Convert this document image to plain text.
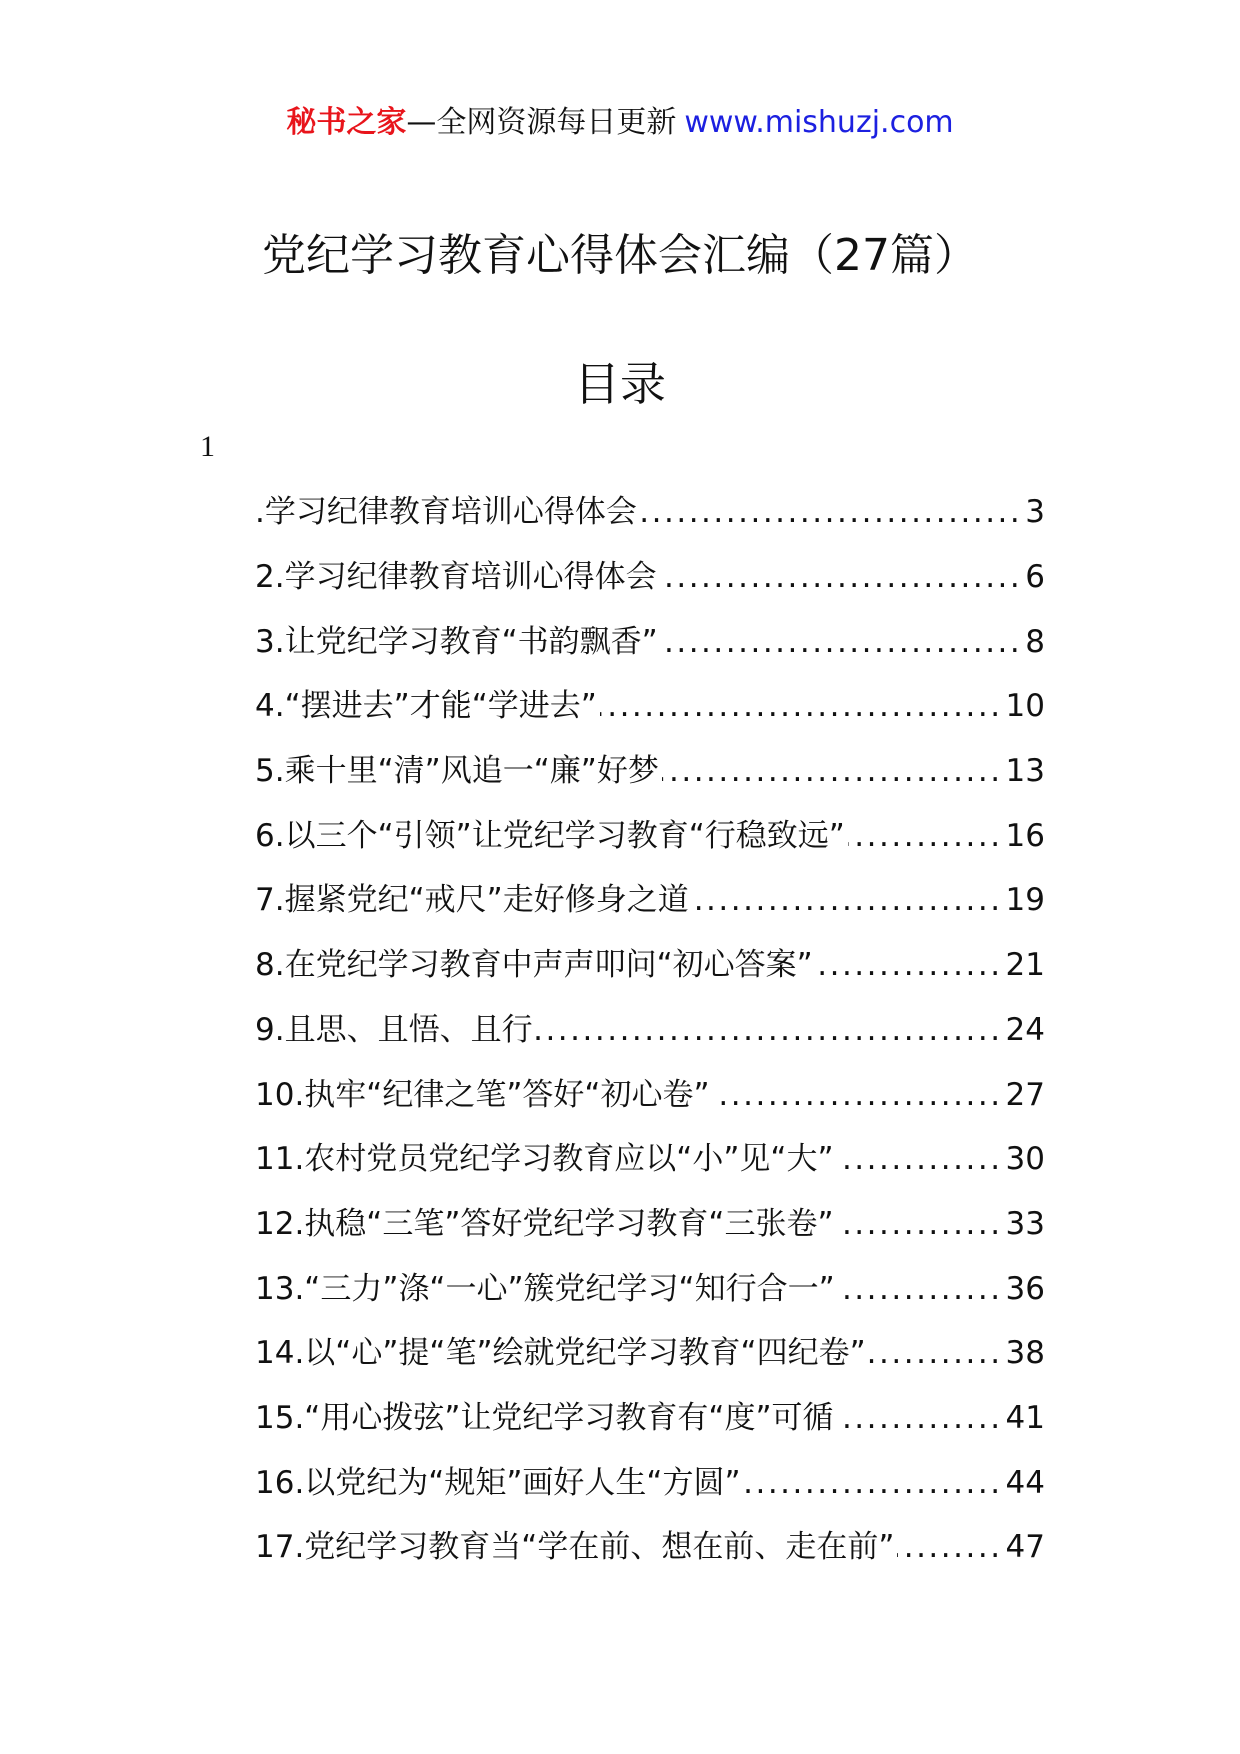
秘书之家—全网资源每日更新 www.mishuzj.com
党纪学习教育心得体会汇编（27篇）
目录
1
.学习纪律教育培训心得体会 .....	3
2.学习纪律教育培训心得体会 .....	6
3.让党纪学习教育“书韵飘香” .....	8
4.“摆进去”才能“学进去” .....	10
5.乘十里“清”风追一“廉”好梦 .....	13
6.以三个“引领”让党纪学习教育“行稳致远” .....	16
7.握紧党纪“戒尺”走好修身之道 .....	19
8.在党纪学习教育中声声叩问“初心答案” .....	21
9.且思、且悟、且行 .....	24
10.执牢“纪律之笔”答好“初心卷” .....	27
11.农村党员党纪学习教育应以“小”见“大” .....	30
12.执稳“三笔”答好党纪学习教育“三张卷” .....	33
13.“三力”涤“一心”簇党纪学习“知行合一” .....	36
14.以“心”提“笔”绘就党纪学习教育“四纪卷” .....	38
15.“用心拨弦”让党纪学习教育有“度”可循 .....	41
16.以党纪为“规矩”画好人生“方圆” .....	44
17.党纪学习教育当“学在前、想在前、走在前” .....	47
